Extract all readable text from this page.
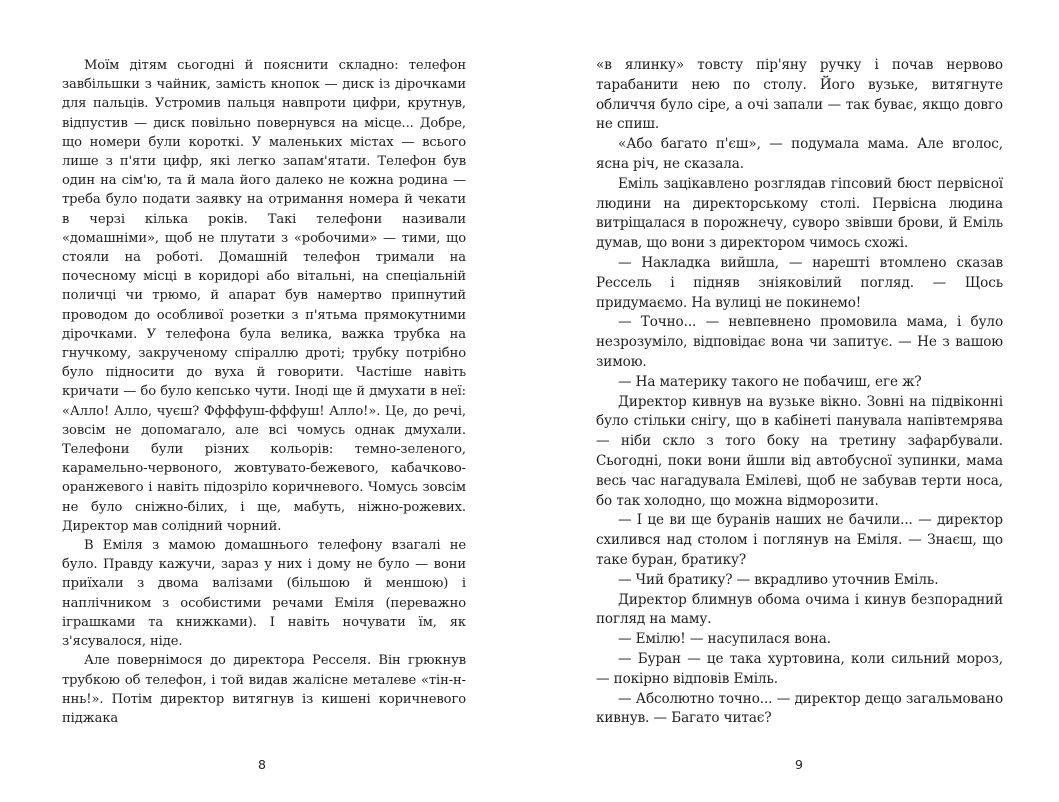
Моїм дітям сьогодні й пояснити складно: телефон завбільшки з чайник, замість кнопок — диск із дірочками для пальців. Устромив пальця навпроти цифри, крутнув, відпустив — диск повільно повернувся на місце... Добре, що номери були короткі. У маленьких містах — всього лише з п'яти цифр, які легко запам'ятати. Телефон був один на сім'ю, та й мала його далеко не кожна родина — треба було подати заявку на отримання номера й чекати в черзі кілька років. Такі телефони називали «домашніми», щоб не плутати з «робочими» — тими, що стояли на роботі. Домашній телефон тримали на почесному місці в коридорі або вітальні, на спеціальній поличці чи трюмо, й апарат був намертво припнутий проводом до особливої розетки з п'ятьма прямокутними дірочками. У телефона була велика, важка трубка на гнучкому, закрученому спіраллю дроті; трубку потрібно було підносити до вуха й говорити. Частіше навіть кричати — бо було кепсько чути. Іноді ще й дмухати в неї: «Алло! Алло, чуєш? Ффффуш-фффуш! Алло!». Це, до речі, зовсім не допомагало, але всі чомусь однак дмухали. Телефони були різних кольорів: темно-зеленого, карамельно-червоного, жовтувато-бежевого, кабачково-оранжевого і навіть підозріло коричневого. Чомусь зовсім не було сніжно-білих, і ще, мабуть, ніжно-рожевих. Директор мав солідний чорний.

В Еміля з мамою домашнього телефону взагалі не було. Правду кажучи, зараз у них і дому не було — вони приїхали з двома валізами (більшою й меншою) і наплічником з особистими речами Еміля (переважно іграшками та книжками). І навіть ночувати їм, як з'ясувалося, ніде.

Але повернімося до директора Ресселя. Він грюкнув трубкою об телефон, і той видав жалісне металеве «тін-н-ннь!». Потім директор витягнув із кишені коричневого піджака

«в ялинку» товсту пір'яну ручку і почав нервово тарабанити нею по столу. Його вузьке, витягнуте обличчя було сіре, а очі запали — так буває, якщо довго не спиш.

«Або багато п'єш», — подумала мама. Але вголос, ясна річ, не сказала.

Еміль зацікавлено розглядав гіпсовий бюст первісної людини на директорському столі. Первісна людина витріщалася в порожнечу, суворо звівши брови, й Еміль думав, що вони з директором чимось схожі.

— Накладка вийшла, — нарешті втомлено сказав Рессель і підняв зніяковілий погляд. — Щось придумаємо. На вулиці не покинемо!

— Точно... — невпевнено промовила мама, і було незрозуміло, відповідає вона чи запитує. — Не з вашою зимою.

— На материку такого не побачиш, еге ж?

Директор кивнув на вузьке вікно. Зовні на підвіконні було стільки снігу, що в кабінеті панувала напівтемрява — ніби скло з того боку на третину зафарбували. Сьогодні, поки вони йшли від автобусної зупинки, мама весь час нагадувала Емілеві, щоб не забував терти носа, бо так холодно, що можна відморозити.

— І це ви ще буранів наших не бачили... — директор схилився над столом і поглянув на Еміля. — Знаєш, що таке буран, братику?

— Чий братику? — вкрадливо уточнив Еміль.

Директор блимнув обома очима і кинув безпорадний погляд на маму.

— Емілю! — насупилася вона.

— Буран — це така хуртовина, коли сильний мороз, — покірно відповів Еміль.

— Абсолютно точно... — директор дещо загальмовано кивнув. — Багато читає?

8	9
